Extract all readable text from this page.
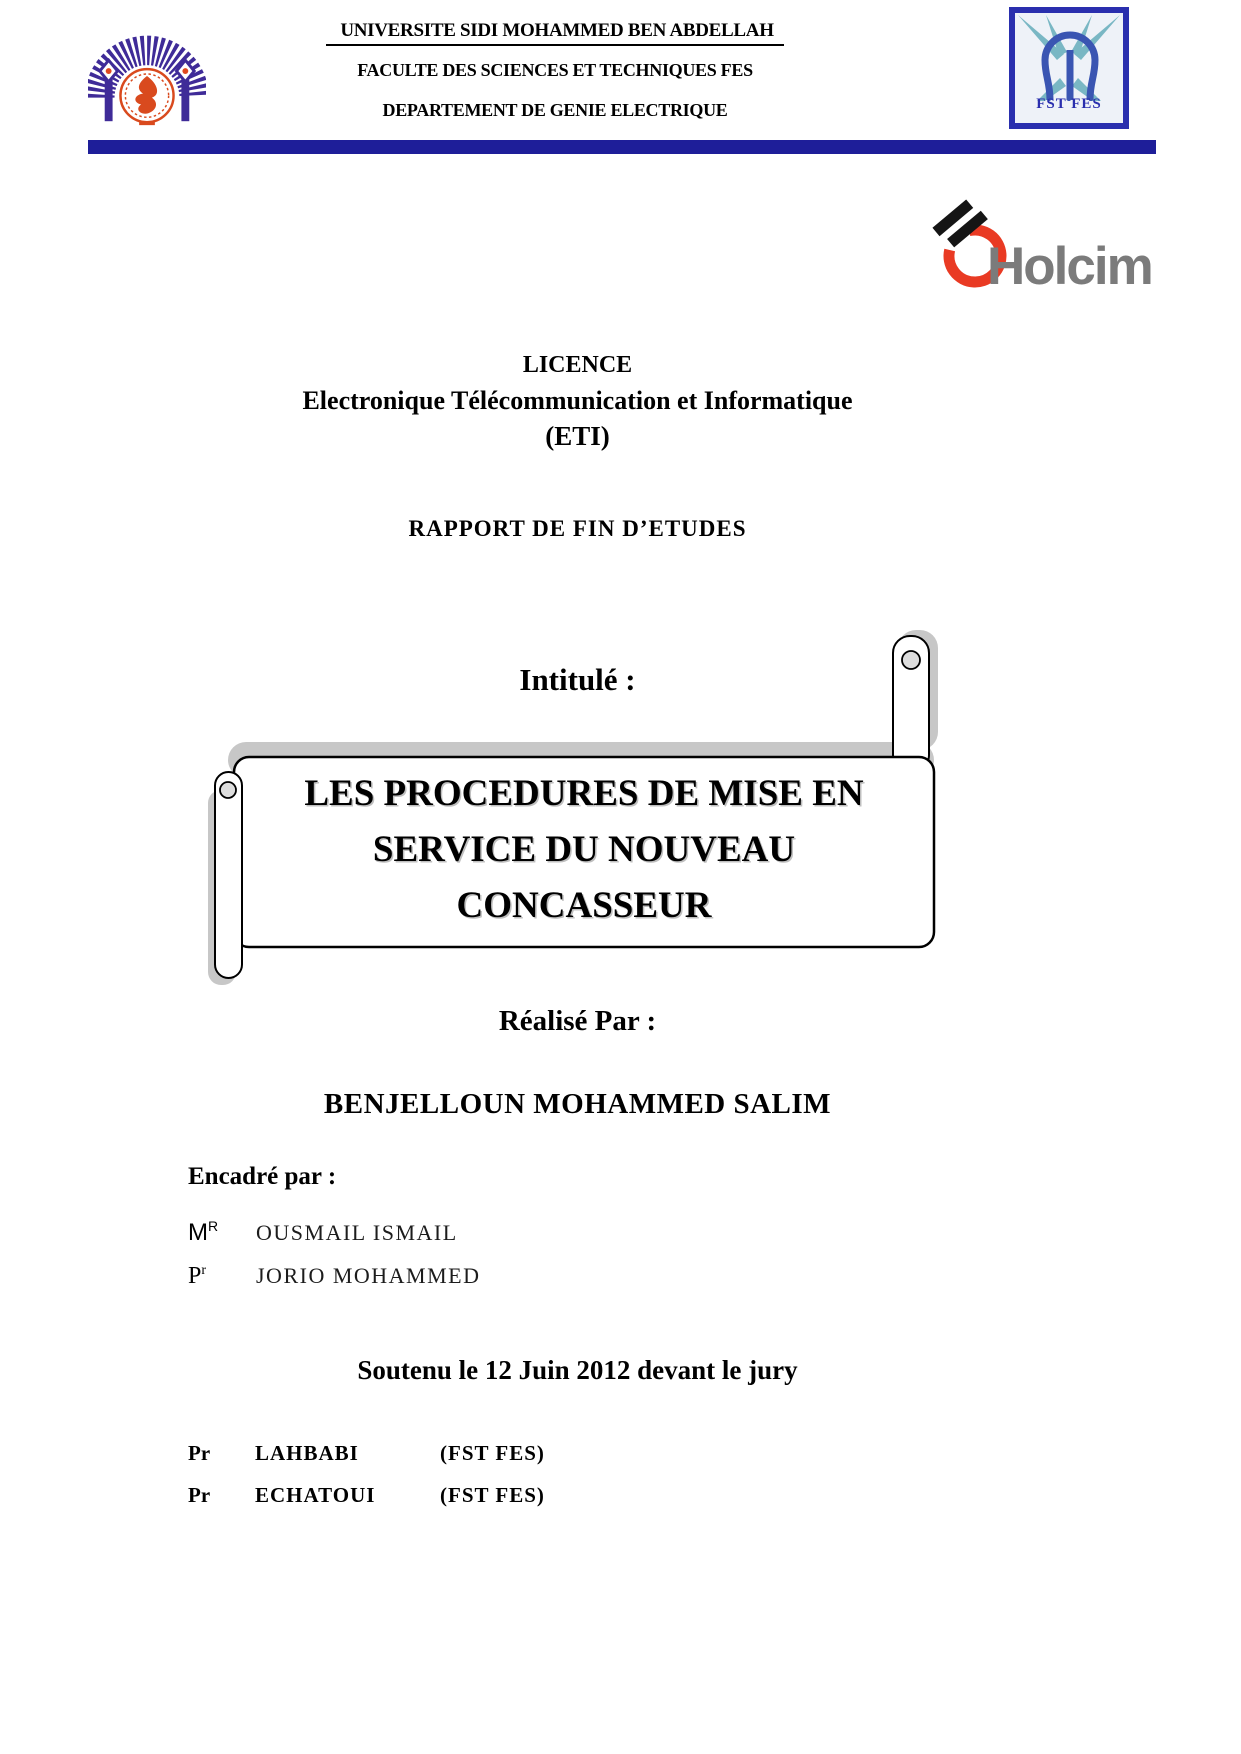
UNIVERSITE SIDI MOHAMMED BEN ABDELLAH
FACULTE DES SCIENCES ET TECHNIQUES FES
DEPARTEMENT DE GENIE ELECTRIQUE	FST FES
Holcim
LICENCE
Electronique Télécommunication et Informatique
(ETI)
RAPPORT DE FIN D’ETUDES
Intitulé :
LES PROCEDURES DE MISE EN
SERVICE DU NOUVEAU
CONCASSEUR
Réalisé Par :
BENJELLOUN MOHAMMED SALIM
Encadré par :
$M^R$	OUSMAIL ISMAIL
$P^r$	JORIO MOHAMMED
Soutenu le 12 Juin 2012 devant le jury
Pr	LAHBABI	(FST FES)
Pr	ECHATOUI	(FST FES)
